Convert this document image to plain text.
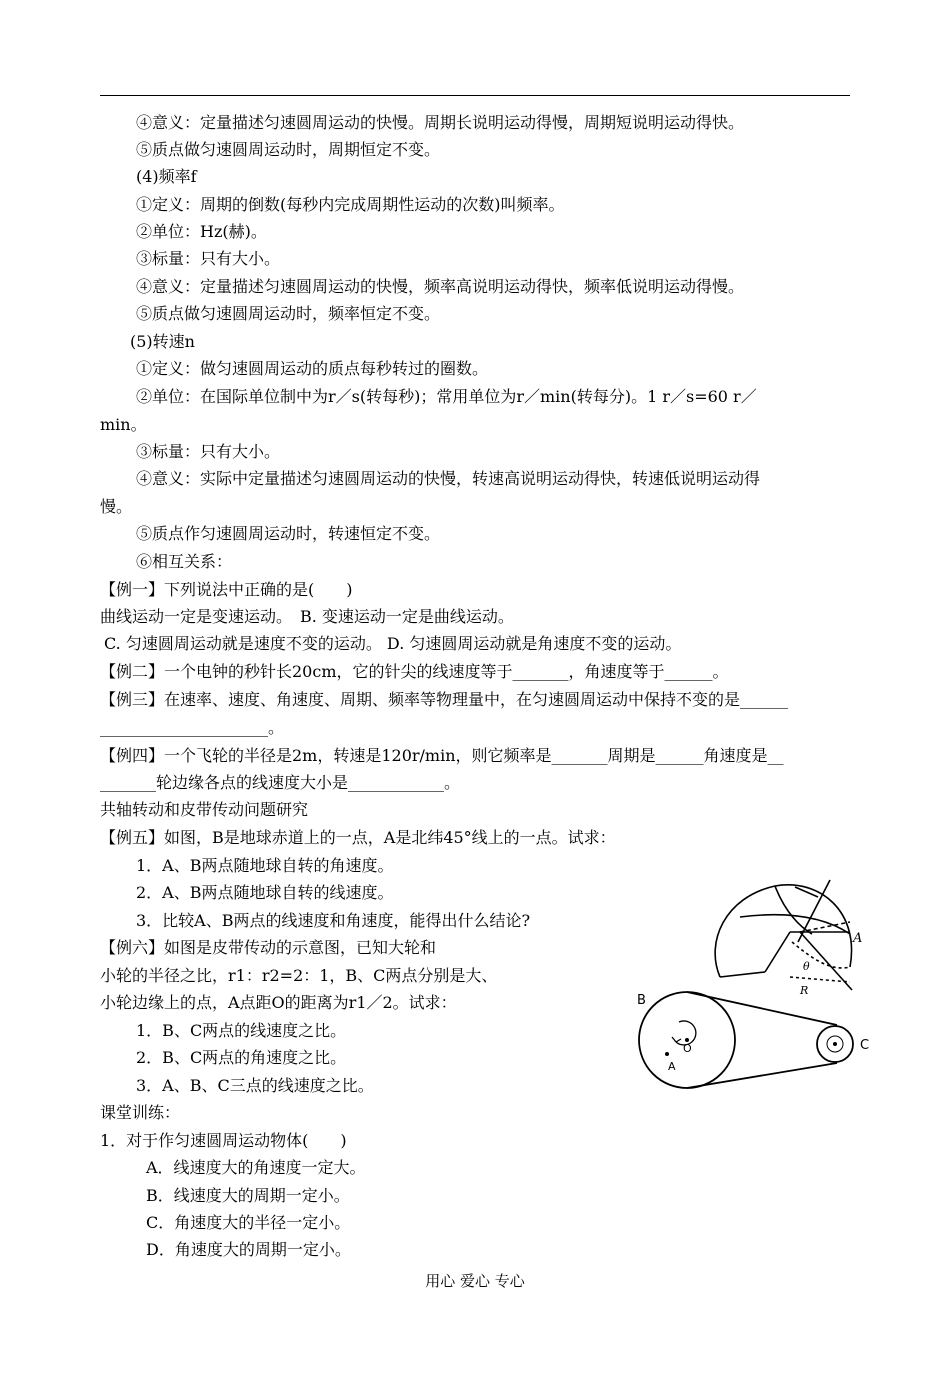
④意义：定量描述匀速圆周运动的快慢。周期长说明运动得慢，周期短说明运动得快。
⑤质点做匀速圆周运动时，周期恒定不变。
(4)频率f
①定义：周期的倒数(每秒内完成周期性运动的次数)叫频率。
②单位：Hz(赫)。
③标量：只有大小。
④意义：定量描述匀速圆周运动的快慢，频率高说明运动得快，频率低说明运动得慢。
⑤质点做匀速圆周运动时，频率恒定不变。
(5)转速n
①定义：做匀速圆周运动的质点每秒转过的圈数。
②单位：在国际单位制中为r／s(转每秒)；常用单位为r／min(转每分)。1 r／s=60 r／
min。
③标量：只有大小。
④意义：实际中定量描述匀速圆周运动的快慢，转速高说明运动得快，转速低说明运动得
慢。
⑤质点作匀速圆周运动时，转速恒定不变。
⑥相互关系：
【例一】下列说法中正确的是(　　)
曲线运动一定是变速运动。　B. 变速运动一定是曲线运动。
C. 匀速圆周运动就是速度不变的运动。 D. 匀速圆周运动就是角速度不变的运动。
【例二】一个电钟的秒针长20cm，它的针尖的线速度等于_______，角速度等于______。
【例三】在速率、速度、角速度、周期、频率等物理量中，在匀速圆周运动中保持不变的是______
_____________________。
【例四】一个飞轮的半径是2m，转速是120r/min，则它频率是_______周期是______角速度是__
_______轮边缘各点的线速度大小是____________。
共轴转动和皮带传动问题研究
【例五】如图，B是地球赤道上的一点，A是北纬45°线上的一点。试求：
1．A、B两点随地球自转的角速度。
2．A、B两点随地球自转的线速度。
3．比较A、B两点的线速度和角速度，能得出什么结论?
【例六】如图是皮带传动的示意图，已知大轮和
小轮的半径之比，r1：r2=2：1，B、C两点分别是大、
小轮边缘上的点，A点距O的距离为r1／2。试求：
1．B、C两点的线速度之比。
2．B、C两点的角速度之比。
3．A、B、C三点的线速度之比。
课堂训练：
1．对于作匀速圆周运动物体(　　)
A．线速度大的角速度一定大。
B．线速度大的周期一定小。
C．角速度大的半径一定小。
D．角速度大的周期一定小。
A
θ
R
B
C
O
A
用心 爱心 专心
